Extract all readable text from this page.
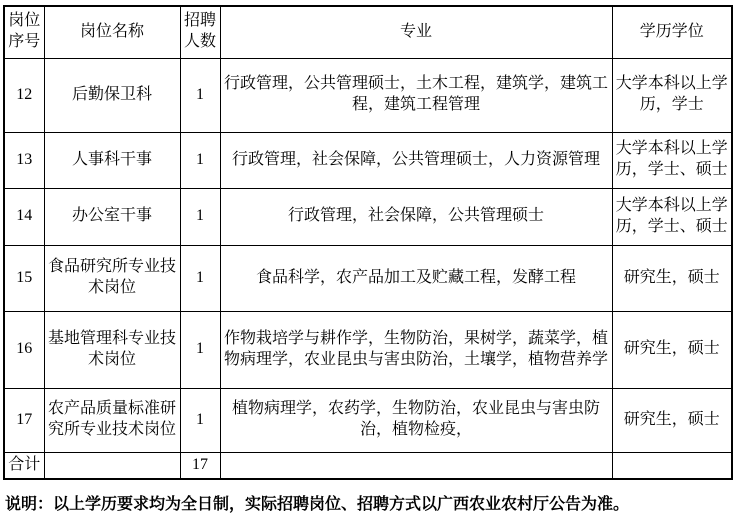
岗位序号	岗位名称	招聘人数	专业	学历学位
12	后勤保卫科	1	行政管理，公共管理硕士，土木工程，建筑学，建筑工程，建筑工程管理	大学本科以上学历，学士
13	人事科干事	1	行政管理，社会保障，公共管理硕士，人力资源管理	大学本科以上学历，学士、硕士
14	办公室干事	1	行政管理，社会保障，公共管理硕士	大学本科以上学历，学士、硕士
15	食品研究所专业技术岗位	1	食品科学，农产品加工及贮藏工程，发酵工程	研究生，硕士
16	基地管理科专业技术岗位	1	作物栽培学与耕作学，生物防治，果树学，蔬菜学，植物病理学，农业昆虫与害虫防治，土壤学，植物营养学	研究生，硕士
17	农产品质量标准研究所专业技术岗位	1	植物病理学，农药学，生物防治，农业昆虫与害虫防治，植物检疫，	研究生，硕士
合计		17		
说明：以上学历要求均为全日制，实际招聘岗位、招聘方式以广西农业农村厅公告为准。
